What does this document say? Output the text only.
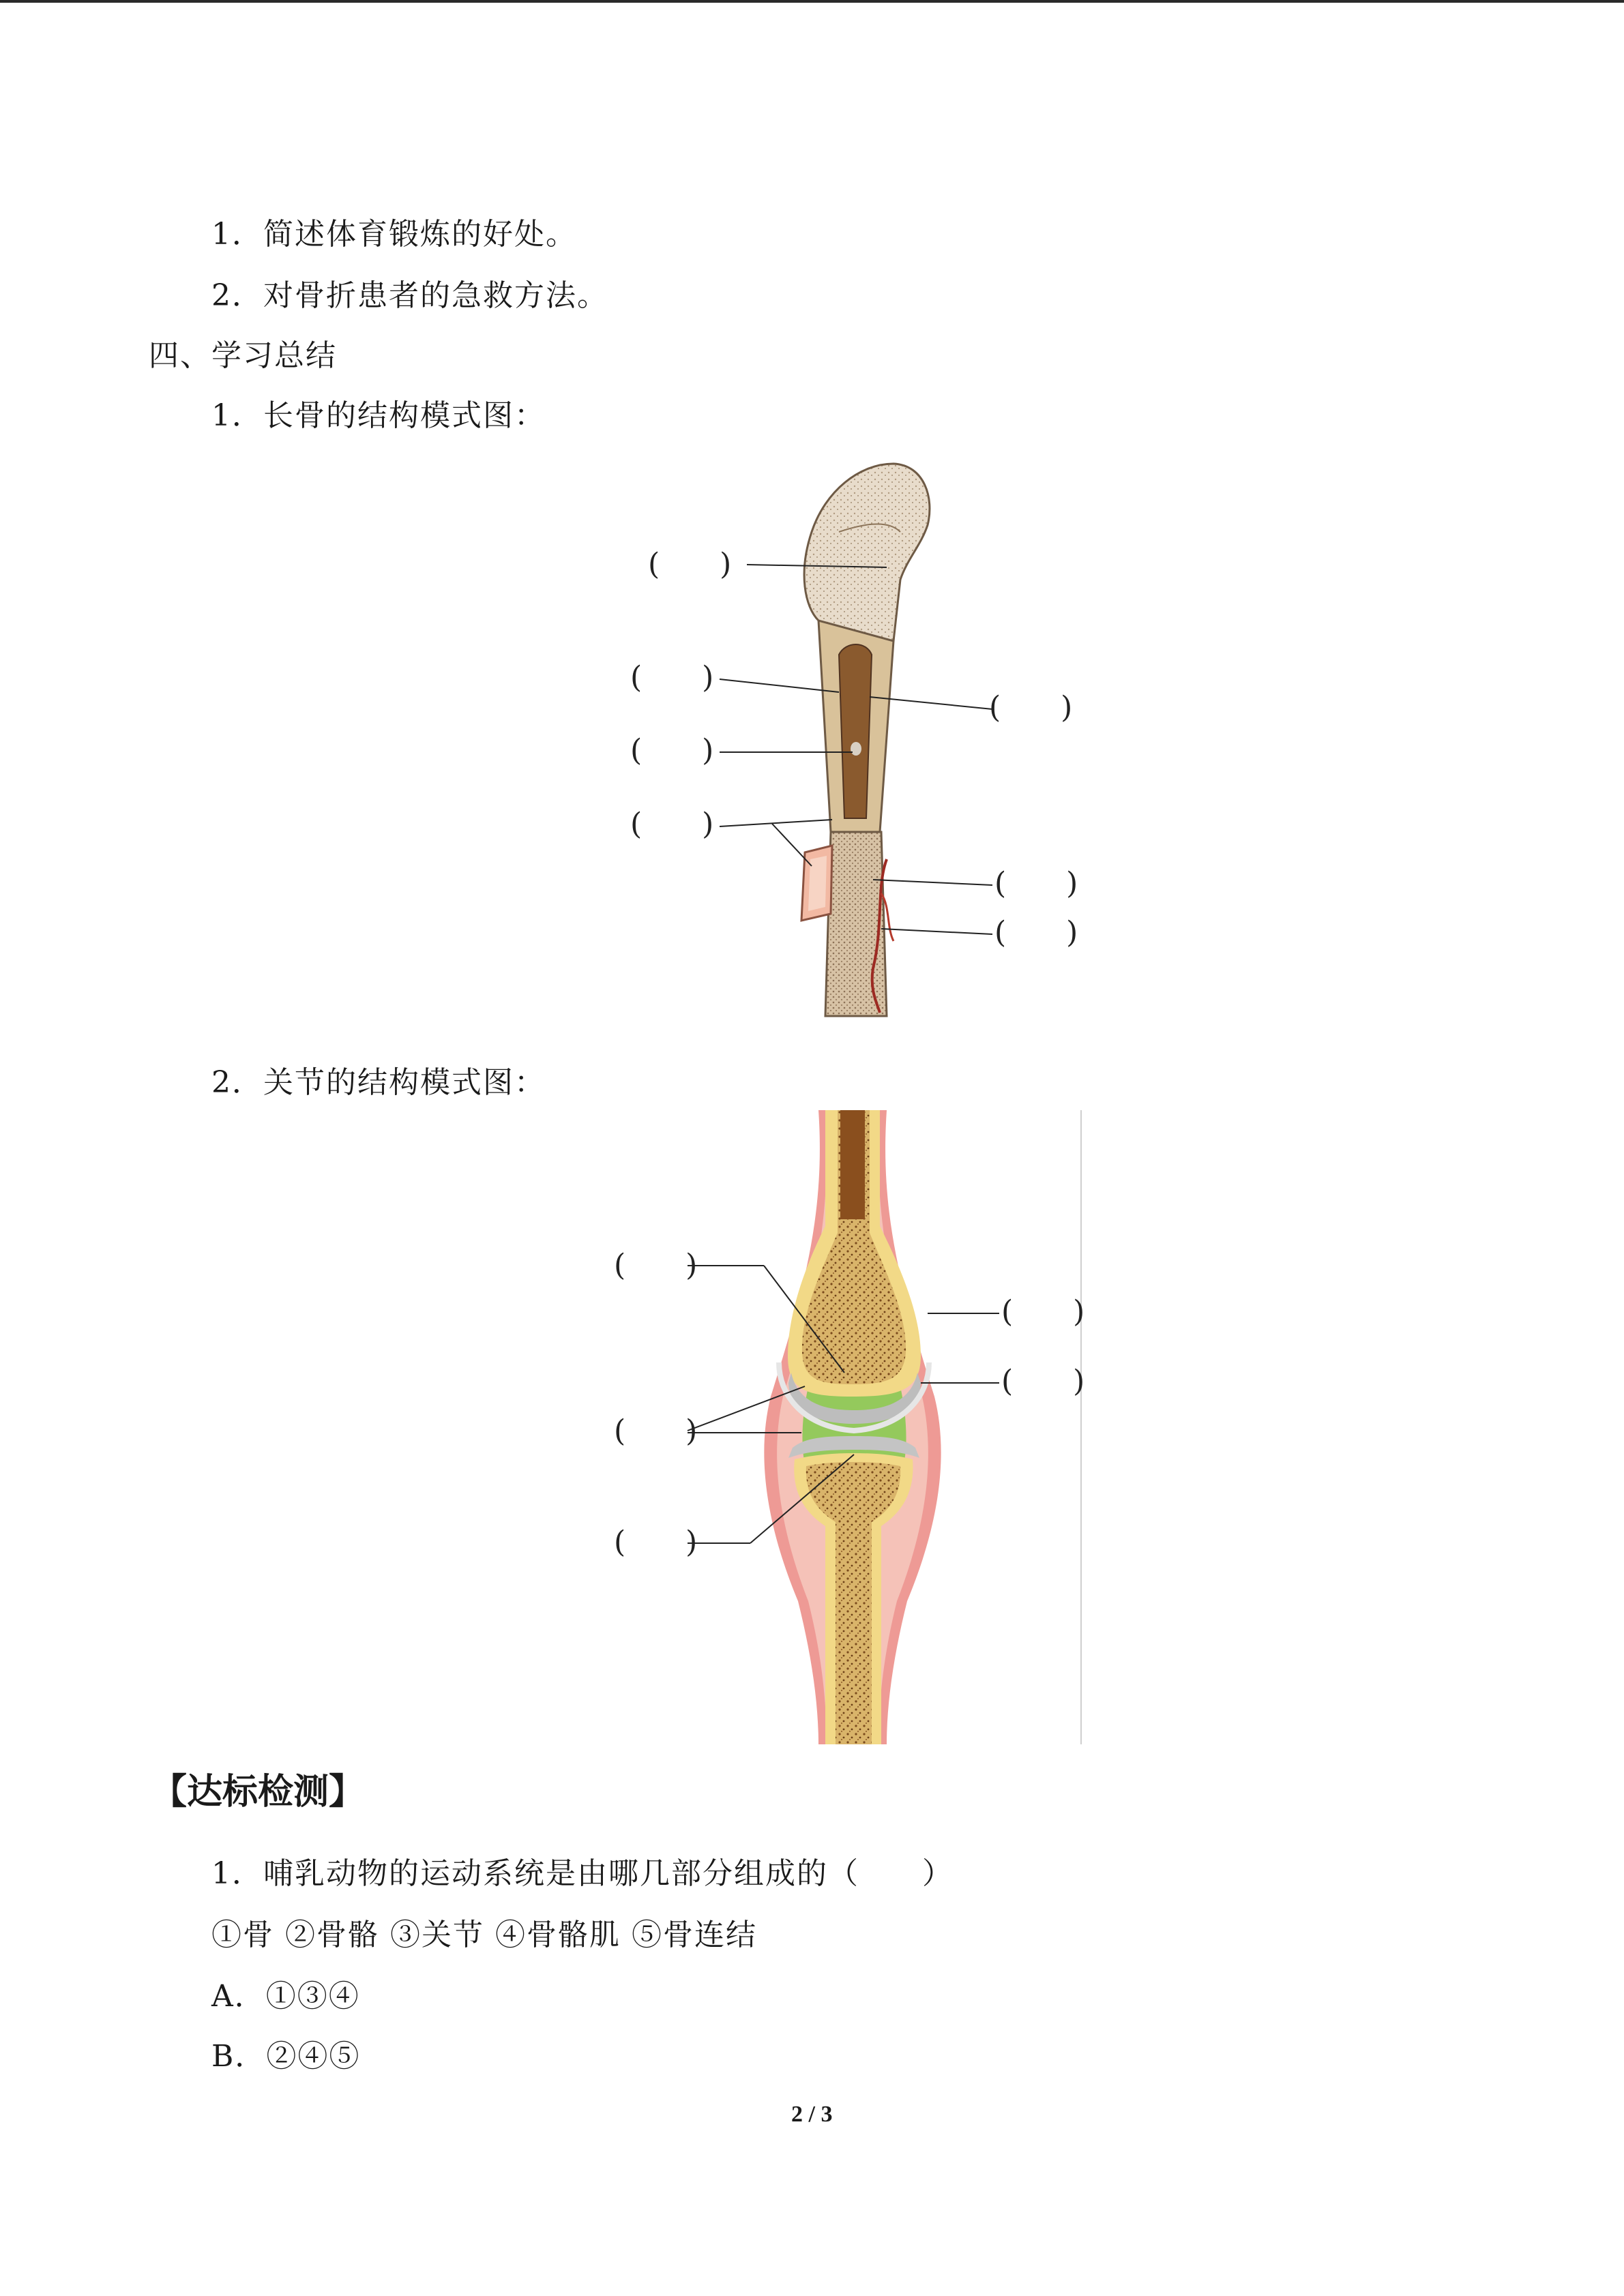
1．简述体育锻炼的好处。
2．对骨折患者的急救方法。
四、学习总结
1．长骨的结构模式图：
(　　)
(　　)
(　　)
(　　)
(　　)
(　　)
(　　)
2．关节的结构模式图：
(　　)
(　　)
(　　)
(　　)
(　　)
【达标检测】
1．哺乳动物的运动系统是由哪几部分组成的（　　）
①骨 ②骨骼 ③关节 ④骨骼肌 ⑤骨连结
A．①③④
B．②④⑤
2 / 3
